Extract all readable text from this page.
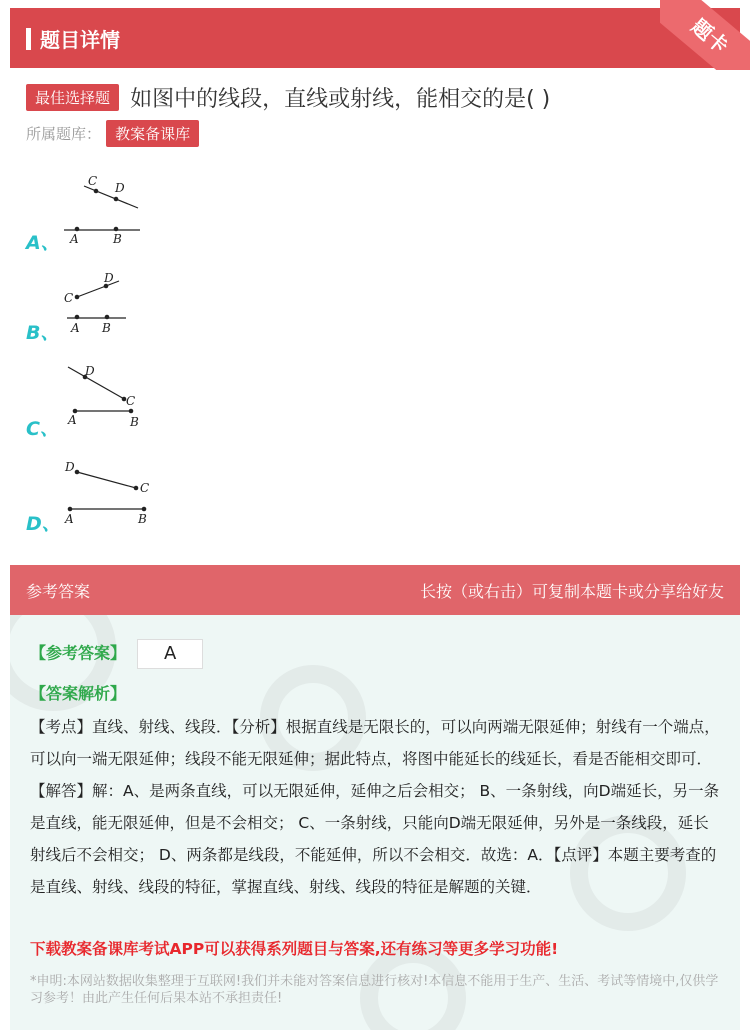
题目详情	题卡
最佳选择题 如图中的线段，直线或射线，能相交的是( )
所属题库： 教案备课库
A、
C D
A	B
B、
D
C
A B
C、
D
C
A	B
D、
D
C
A	B
参考答案	长按（或右击）可复制本题卡或分享给好友
【参考答案】 A
【答案解析】
【考点】直线、射线、线段．【分析】根据直线是无限长的，可以向两端无限延伸；射线有一个端点，可以向一端无限延伸；线段不能无限延伸；据此特点，将图中能延长的线延长，看是否能相交即可．【解答】解：A、是两条直线，可以无限延伸，延伸之后会相交； B、一条射线，向D端延长，另一条是直线，能无限延伸，但是不会相交； C、一条射线，只能向D端无限延伸，另外是一条线段，延长射线后不会相交； D、两条都是线段，不能延伸，所以不会相交．故选：A．【点评】本题主要考查的是直线、射线、线段的特征，掌握直线、射线、线段的特征是解题的关键．
下载教案备课库考试APP可以获得系列题目与答案,还有练习等更多学习功能!
*申明:本网站数据收集整理于互联网!我们并未能对答案信息进行核对!本信息不能用于生产、生活、考试等情境中,仅供学习参考！由此产生任何后果本站不承担责任!
